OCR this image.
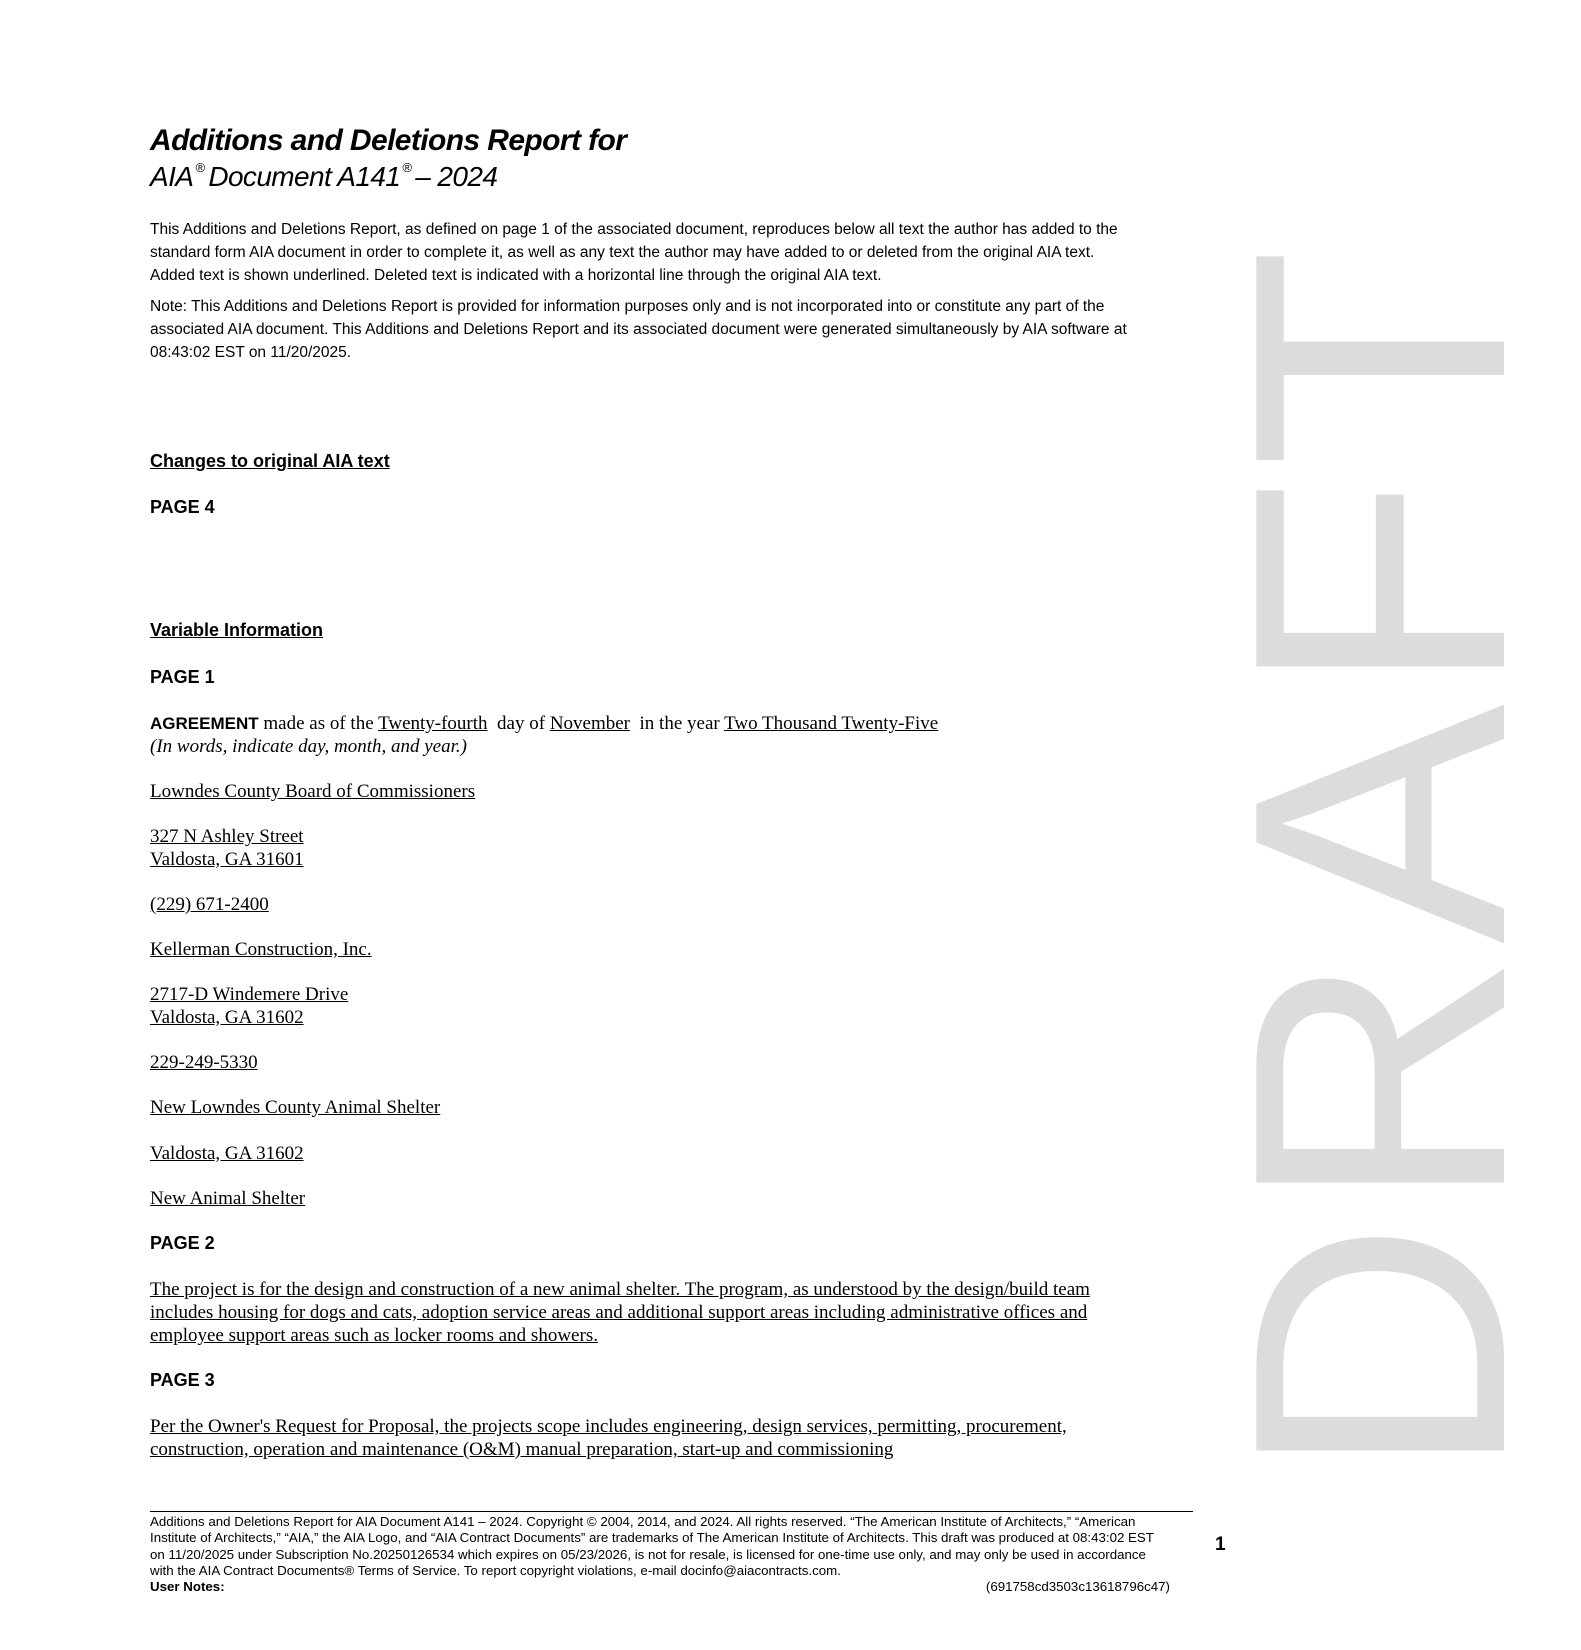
DRAFT
Additions and Deletions Report for
AIA ® Document A141 ® – 2024
This Additions and Deletions Report, as defined on page 1 of the associated document, reproduces below all text the author has added to the standard form AIA document in order to complete it, as well as any text the author may have added to or deleted from the original AIA text. Added text is shown underlined. Deleted text is indicated with a horizontal line through the original AIA text.
Note: This Additions and Deletions Report is provided for information purposes only and is not incorporated into or constitute any part of the associated AIA document. This Additions and Deletions Report and its associated document were generated simultaneously by AIA software at 08:43:02 EST on 11/20/2025.
Changes to original AIA text
PAGE 4
Variable Information
PAGE 1
AGREEMENT made as of the Twenty-fourth day of November in the year Two Thousand Twenty-Five
(In words, indicate day, month, and year.)
Lowndes County Board of Commissioners
327 N Ashley Street
Valdosta, GA 31601
(229) 671-2400
Kellerman Construction, Inc.
2717-D Windemere Drive
Valdosta, GA 31602
229-249-5330
New Lowndes County Animal Shelter
Valdosta, GA 31602
New Animal Shelter
PAGE 2
The project is for the design and construction of a new animal shelter. The program, as understood by the design/build team includes housing for dogs and cats, adoption service areas and additional support areas including administrative offices and employee support areas such as locker rooms and showers.
PAGE 3
Per the Owner's Request for Proposal, the projects scope includes engineering, design services, permitting, procurement, construction, operation and maintenance (O&M) manual preparation, start-up and commissioning
Additions and Deletions Report for AIA Document A141 – 2024. Copyright © 2004, 2014, and 2024. All rights reserved. “The American Institute of Architects,” “American Institute of Architects,” “AIA,” the AIA Logo, and “AIA Contract Documents” are trademarks of The American Institute of Architects. This draft was produced at 08:43:02 EST on 11/20/2025 under Subscription No.20250126534 which expires on 05/23/2026, is not for resale, is licensed for one-time use only, and may only be used in accordance with the AIA Contract Documents® Terms of Service. To report copyright violations, e-mail docinfo@aiacontracts.com.
User Notes:	(691758cd3503c13618796c47)
1
